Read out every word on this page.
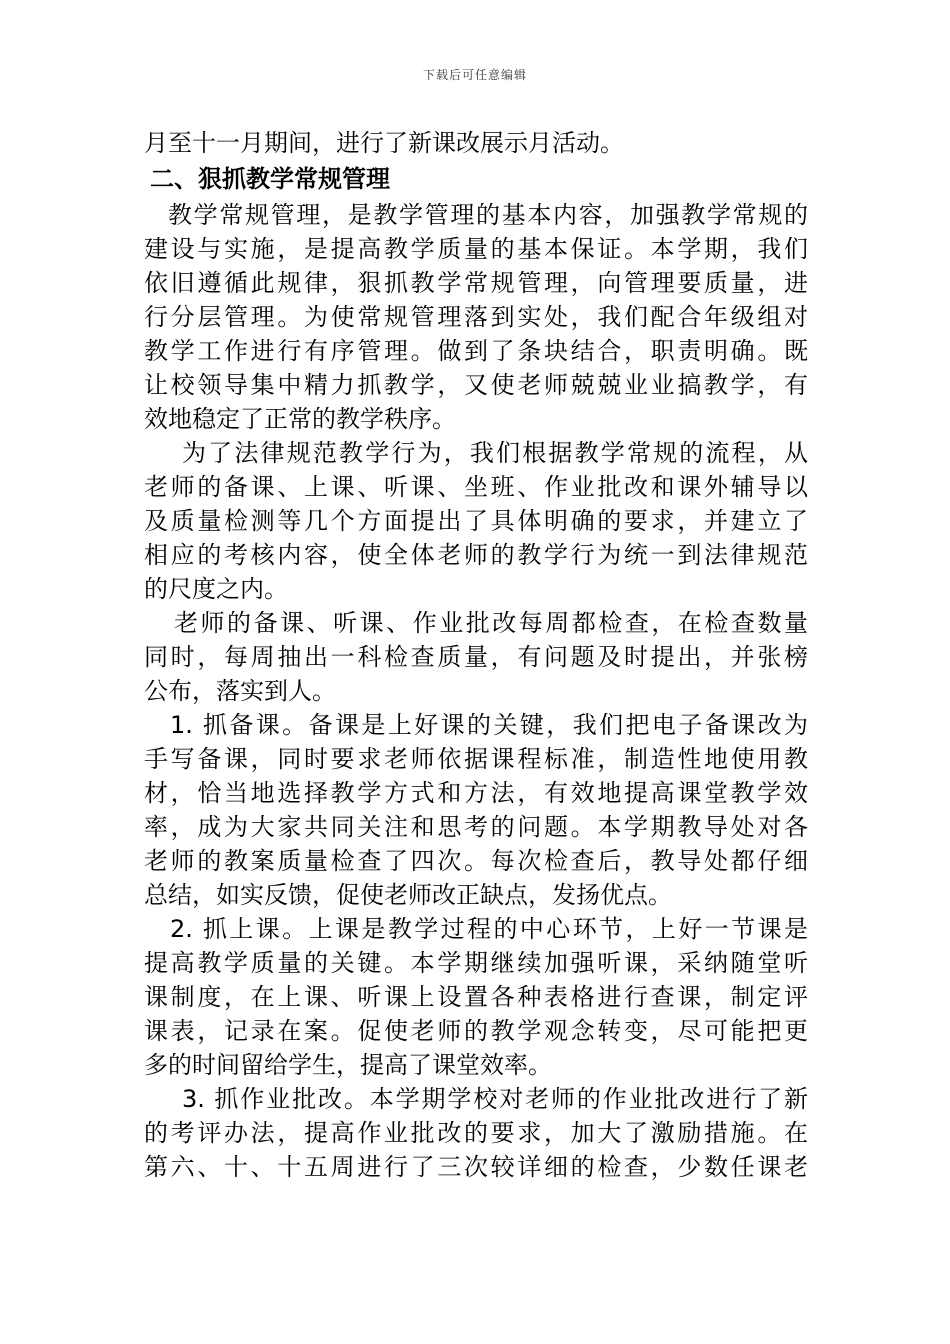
下载后可任意编辑
月至十一月期间，进行了新课改展示月活动。
二、狠抓教学常规管理
教学常规管理，是教学管理的基本内容，加强教学常规的
建设与实施，是提高教学质量的基本保证。本学期，我们
依旧遵循此规律，狠抓教学常规管理，向管理要质量，进
行分层管理。为使常规管理落到实处，我们配合年级组对
教学工作进行有序管理。做到了条块结合，职责明确。既
让校领导集中精力抓教学，又使老师兢兢业业搞教学，有
效地稳定了正常的教学秩序。
为了法律规范教学行为，我们根据教学常规的流程，从
老师的备课、上课、听课、坐班、作业批改和课外辅导以
及质量检测等几个方面提出了具体明确的要求，并建立了
相应的考核内容，使全体老师的教学行为统一到法律规范
的尺度之内。
老师的备课、听课、作业批改每周都检查，在检查数量
同时，每周抽出一科检查质量，有问题及时提出，并张榜
公布，落实到人。
1. 抓备课。备课是上好课的关键，我们把电子备课改为
手写备课，同时要求老师依据课程标准，制造性地使用教
材，恰当地选择教学方式和方法，有效地提高课堂教学效
率，成为大家共同关注和思考的问题。本学期教导处对各
老师的教案质量检查了四次。每次检查后，教导处都仔细
总结，如实反馈，促使老师改正缺点，发扬优点。
2. 抓上课。上课是教学过程的中心环节，上好一节课是
提高教学质量的关键。本学期继续加强听课，采纳随堂听
课制度，在上课、听课上设置各种表格进行查课，制定评
课表，记录在案。促使老师的教学观念转变，尽可能把更
多的时间留给学生，提高了课堂效率。
3. 抓作业批改。本学期学校对老师的作业批改进行了新
的考评办法，提高作业批改的要求，加大了激励措施。在
第六、十、十五周进行了三次较详细的检查，少数任课老
